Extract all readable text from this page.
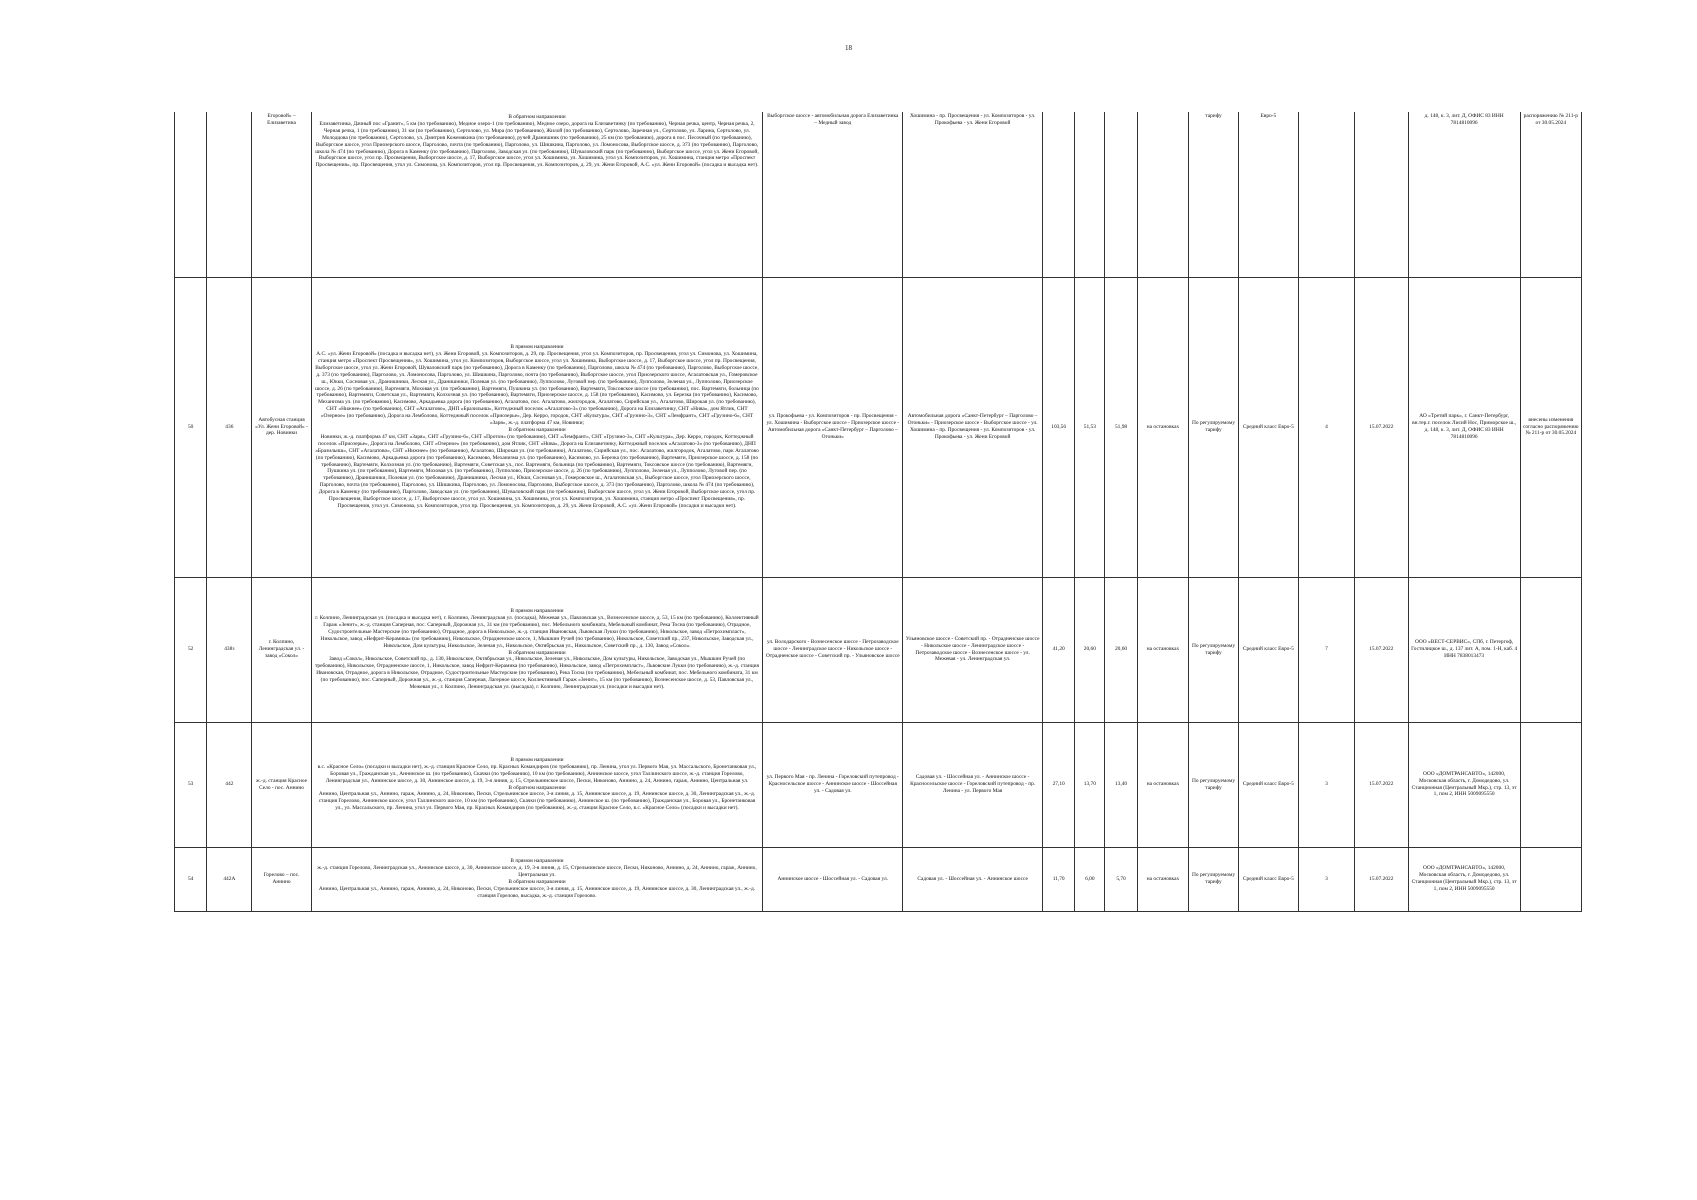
18
		Егоровой» – Елизаветина	В обратном направлении
Елизаветинка, Дачный пос «Гранит», 5 км (по требованию), Медное озеро-1 (по требованию), Медное озеро, дорога на Елизаветинку (по требованию), Черная речка, центр, Черная речка, 2, Черная речка, 1 (по требованию), 31 км (по требованию), Сертолово, ул. Мира (по требованию), Жилой (по требованию), Сертолово, Заречная ул., Сертолово, ул. Ларина, Сертолово, ул. Молодцова (по требованию), Сертолово, ул. Дмитрия Кожемякина (по требованию), ручей Дранишник (по требованию), 25 км (по требованию), дорога в пос. Песочный (по требованию), Выборгское шоссе, угол Приозерского шоссе, Парголово, почта (по требованию), Парголово, ул. Шишкина, Парголово, ул. Ломоносова, Выборгское шоссе, д. 373 (по требованию), Парголово, школа № 474 (по требованию), Дорога в Каменку (по требованию), Парголово, Заводская ул. (по требованию), Шуваловский парк (по требованию), Выборгское шоссе, угол ул. Жени Егоровой, Выборгское шоссе, угол пр. Просвещения, Выборгское шоссе, д. 17, Выборгское шоссе, угол ул. Хошимина, ул. Хошимина, угол ул. Композиторов, ул. Хошимина, станция метро «Проспект Просвещения», пр. Просвещения, угол ул. Симонова, ул. Композиторов, угол пр. Просвещения, ул. Композиторов, д. 29, ул. Жени Егоровой, А.С. «ул. Жени Егоровой» (посадка и высадка нет).	Выборгское шоссе - автомобильная дорога Елизаветинка – Медный завод	Хошимина - пр. Просвещения - ул. Композиторов - ул. Прокофьева - ул. Жени Егоровой					тарифу	Евро-5			д. 148, к. 3, лит. Д, ОФИС 83 ИНН 7814810096	распоряжению № 211-р от 30.05.2024
50	436	Автобусная станция «Ул. Жени Егоровой» - дер. Новинки	В прямом направлении
А.С. «ул. Жени Егоровой» (посадка и высадка нет), ул. Жени Егоровой, ул. Композиторов, д. 29, пр. Просвещения, угол ул. Композиторов, пр. Просвещения, угол ул. Симонова, ул. Хошимина, станция метро «Проспект Просвещения», ул. Хошимина, угол ул. Композиторов, Выборгское шоссе, угол ул. Хошимина, Выборгское шоссе, д. 17, Выборгское шоссе, угол пр. Просвещения, Выборгское шоссе, угол ул. Жени Егоровой, Шуваловский парк (по требованию), Дорога в Каменку (по требованию), Парголово, школа № 474 (по требованию), Парголово, Выборгское шоссе, д. 373 (по требованию), Парголово, ул. Ломоносова, Парголово, ул. Шишкина, Парголово, почта (по требованию), Выборгское шоссе, угол Приозерского шоссе, Агалатовская ул., Гомеровское ш., Юкки, Сосновая ул., Дранишники, Лесная ул., Дранишники, Полевая ул. (по требованию), Лупполово, Луговой пер. (по требованию), Лупполово, Зеленая ул., Лупполово, Приозерское шоссе, д. 26 (по требованию), Вартемяги, Моховая ул. (по требованию), Вартемяги, Пушкина ул. (по требованию), Вартемяги, Токсовское шоссе (по требованию), пос. Вартемяги, больница (по требованию), Вартемяги, Советская ул., Вартемяги, Колхозная ул. (по требованию), Вартемяги, Приозерское шоссе, д. 158 (по требованию), Касимово, ул. Березка (по требованию), Касимово, Механизма ул. (по требованию), Касимово, Аркадьевка дорога (по требованию), Агалатово, пос. Агалатово, жилгородок, Агалатово, Сирийская ул., Агалатово, Широкая ул. (по требованию), СНТ «Нижнее» (по требованию), СНТ «Агалатово», ДНП «Бразильиш», Коттеджный поселок «Агалатово-3» (по требованию), Дорога на Елизаветинку, СНТ «Нива», дом Ятлик, СНТ «Озерное» (по требованию), Дорога на Лемболово, Коттеджный поселок «Приозерье», Дер. Керро, городок, СНТ «Культура», СНТ «Грузино-3», СНТ «Лемфрант», СНТ «Грузино-6», СНТ «Заря», ж.-д. платформа 47 км, Новинки;
В обратном направлении
Новинки, ж.-д. платформа 47 км, СНТ «Заря», СНТ «Грузино-6», СНТ «Протон» (по требованию), СНТ «Лемфрант», СНТ «Грузино-3», СНТ «Культура», Дер. Керро, городок, Коттеджный поселок «Приозерье», Дорога на Лемболово, СНТ «Озерное» (по требованию), дом Ятлик, СНТ «Нива», Дорога на Елизаветинку, Коттеджный поселок «Агалатово-3» (по требованию), ДНП «Бразильиш», СНТ «Агалатово», СНТ «Нижнее» (по требованию), Агалатово, Широкая ул. (по требованию), Агалатово, Сирийская ул., пос. Агалатово, жилгородок, Агалатово, парк Агалатово (по требованию), Касимово, Аркадьевка дорога (по требованию), Касимово, Механизма ул. (по требованию), Касимово, ул. Березка (по требованию), Вартемяги, Приозерское шоссе, д. 158 (по требованию), Вартемяги, Колхозная ул. (по требованию), Вартемяги, Советская ул., пос. Вартемяги, больница (по требованию), Вартемяги, Токсовское шоссе (по требованию), Вартемяги, Пушкина ул. (по требованию), Вартемяги, Моховая ул. (по требованию), Лупполово, Приозерское шоссе, д. 26 (по требованию), Лупполово, Зеленая ул., Лупполово, Луговой пер. (по требованию), Дранишники, Полевая ул. (по требованию), Дранишники, Лесная ул., Юкки, Сосновая ул., Гомеровское ш., Агалатовская ул., Выборгское шоссе, угол Приозерского шоссе, Парголово, почта (по требованию), Парголово, ул. Шишкина, Парголово, ул. Ломоносова, Парголово, Выборгское шоссе, д. 373 (по требованию), Парголово, школа № 474 (по требованию), Дорога в Каменку (по требованию), Парголово, Заводская ул. (по требованию), Шуваловский парк (по требованию), Выборгское шоссе, угол ул. Жени Егоровой, Выборгское шоссе, угол пр. Просвещения, Выборгское шоссе, д. 17, Выборгское шоссе, угол ул. Хошимина, ул. Хошимина, угол ул. Композиторов, ул. Хошимина, станция метро «Проспект Просвещения», пр. Просвещения, угол ул. Симонова, ул. Композиторов, угол пр. Просвещения, ул. Композиторов, д. 29, ул. Жени Егоровой, А.С. «ул. Жени Егоровой» (посадки и высадки нет).	ул. Прокофьева - ул. Композиторов - пр. Просвещения - ул. Хошимина - Выборгское шоссе - Приозерское шоссе - Автомобильная дорога «Санкт-Петербург – Парголово – Огоньки»	Автомобильная дорога «Санкт-Петербург – Парголово – Огоньки» - Приозерское шоссе - Выборгское шоссе - ул. Хошимина - пр. Просвещения - ул. Композиторов - ул. Прокофьева - ул. Жени Егоровой	103,56	51,53	51,98	на остановках	По регулируемому тарифу	Средний класс Евро-5	4	15.07.2022	АО «Третий парк», г. Санкт-Петербург, вн.тер.г. поселок Лисий Нос, Приморское ш., д. 148, к. 3, лит. Д, ОФИС 83 ИНН 7814810096	внесены изменения согласно распоряжению № 211-р от 30.05.2024
52	438з	г. Колпино, Ленинградская ул. - завод «Сокол»	В прямом направлении
г. Колпино, Ленинградская ул. (посадка и высадка нет), г. Колпино, Ленинградская ул. (посадка), Межевая ул., Павловская ул., Вознесенское шоссе, д. 53, 15 км (по требованию), Коллективный Гараж «Зенит», ж.-д. станция Саперная, пос. Саперный, Дорожная ул., 31 км (по требованию), пос. Мебельного комбината, Мебельный комбинат, Река Тосна (по требованию), Отрадное, Судостроительные Мастерские (по требованию), Отрадное, дорога в Никольское, ж.-д. станция Ивановская, Львовская Лукки (по требованию), Никольское, завод «Петрохимпласт», Никольское, завод «Нефрит-Керамика» (по требованию), Никольское, Отрадненское шоссе, 1, Мышкин Ручей (по требованию), Никольское, Советский пр., 237, Никольское, Заводская ул., Никольское, Дом культуры, Никольское, Зеленая ул., Никольское, Октябрьская ул., Никольское, Советский пр., д. 130, Завод «Сокол».
В обратном направлении
Завод «Сокол», Никольское, Советский пр., д. 130, Никольское, Октябрьская ул., Никольское, Зеленая ул., Никольское, Дом культуры, Никольское, Заводская ул., Мышкин Ручей (по требованию), Никольское, Отрадненское шоссе, 1, Никольское, завод Нефрит-Керамика (по требованию), Никольское, завод «Петрохимпласт», Львовские Лукки (по требованию), ж.-д. станция Ивановская, Отрадное, дорога в Никольское, Отрадное, Судостроительные Мастерские (по требованию), Река Тосна (по требованию), Мебельный комбинат, пос. Мебельного комбината, 31 км (по требованию), пос. Саперный, Дорожная ул., ж.-д. станция Саперная, Лагерное шоссе, Коллективный Гараж «Зенит», 15 км (по требованию), Вознесенское шоссе, д. 53, Павловская ул., Межевая ул., г. Колпино, Ленинградская ул. (высадка), г. Колпино, Ленинградская ул. (посадки и высадки нет).	ул. Володарского - Вознесенское шоссе - Петрозаводское шоссе - Ленинградское шоссе - Никольское шоссе - Отрадненское шоссе - Советский пр. - Ульяновское шоссе	Ульяновское шоссе - Советский пр. - Отрадненское шоссе - Никольское шоссе - Ленинградское шоссе - Петрозаводское шоссе - Вознесенское шоссе - ул. Межевая - ул. Ленинградская ул.	41,20	20,60	20,60	на остановках	По регулируемому тарифу	Средний класс Евро-5	7	15.07.2022	ООО «ВЕСТ-СЕРВИС», СПб, г. Петергоф, Гостилицкое ш., д. 137 лит. А, пом. 1-Н, каб. 4 ИНН 7838013473	
53	442	ж.-д. станция Красное Село - пос. Аннино	В прямом направлении
в.с. «Красное Село» (посадки и высадки нет), ж.-д. станция Красное Село, пр. Красных Командиров (по требованию), пр. Ленина, угол ул. Первого Мая, ул. Массальского, Бронетанковая ул., Боровая ул., Гражданская ул., Аннинское ш. (по требованию), Скачки (по требованию), 10 км (по требованию), Аннинское шоссе, угол Таллинского шоссе, ж.-д. станция Горелово, Ленинградская ул., Аннинское шоссе, д. 30, Аннинское шоссе, д. 19, 3-я линия, д. 15, Стрельнинское шоссе, Пески, Никоново, Аннино, д. 24, Аннино, гараж, Аннино, Центральная ул.
В обратном направлении
Аннино, Центральная ул., Аннино, гараж, Аннино, д. 24, Никоново, Пески, Стрельнинское шоссе, 3-я линия, д. 15, Аннинское шоссе, д. 19, Аннинское шоссе, д. 30, Ленинградская ул., ж.-д. станция Горелово, Аннинское шоссе, угол Таллинского шоссе, 10 км (по требованию), Скачки (по требованию), Аннинское ш. (по требованию), Гражданская ул., Боровая ул., Бронетанковая ул., ул. Массальского, пр. Ленина, угол ул. Первого Мая, пр. Красных Командиров (по требованию), ж.-д. станция Красное Село, в.с. «Красное Село» (посадки и высадки нет).	ул. Первого Мая - пр. Ленина - Гореловский путепровод - Красносельское шоссе - Аннинское шоссе - Шоссейная ул. - Садовая ул.	Садовая ул. - Шоссейная ул. - Аннинское шоссе - Красносельское шоссе - Гореловский путепровод - пр. Ленина - ул. Первого Мая	27,10	13,70	13,40	на остановках	По регулируемому тарифу	Средний класс Евро-5	3	15.07.2022	ООО «ДОМТРАНСАВТО», 142000, Московская область, г. Домодедово, ул. Станционная (Центральный Мкр.), стр. 13, эт 1, пом 2, ИНН 5009095550	
54	442А	Горелово – пос. Аннино	В прямом направлении
ж.-д. станция Горелово, Ленинградская ул., Аннинское шоссе, д. 30, Аннинское шоссе, д. 19, 3-я линия, д. 15, Стрельнинское шоссе, Пески, Никоново, Аннино, д. 24, Аннино, гараж, Аннино, Центральная ул.
В обратном направлении
Аннино, Центральная ул., Аннино, гараж, Аннино, д. 24, Никоново, Пески, Стрельнинское шоссе, 3-я линия, д. 15, Аннинское шоссе, д. 19, Аннинское шоссе, д. 30, Ленинградская ул., ж.-д. станция Горелово, высадка, ж.-д. станция Горелово.	Аннинское шоссе - Шоссейная ул. - Садовая ул.	Садовая ул. - Шоссейная ул. - Аннинское шоссе	11,70	6,00	5,70	на остановках	По регулируемому тарифу	Средний класс Евро-5	3	15.07.2022	ООО «ДОМТРАНСАВТО», 142000, Московская область, г. Домодедово, ул. Станционная (Центральный Мкр.), стр. 13, эт 1, пом 2, ИНН 5009095550	
